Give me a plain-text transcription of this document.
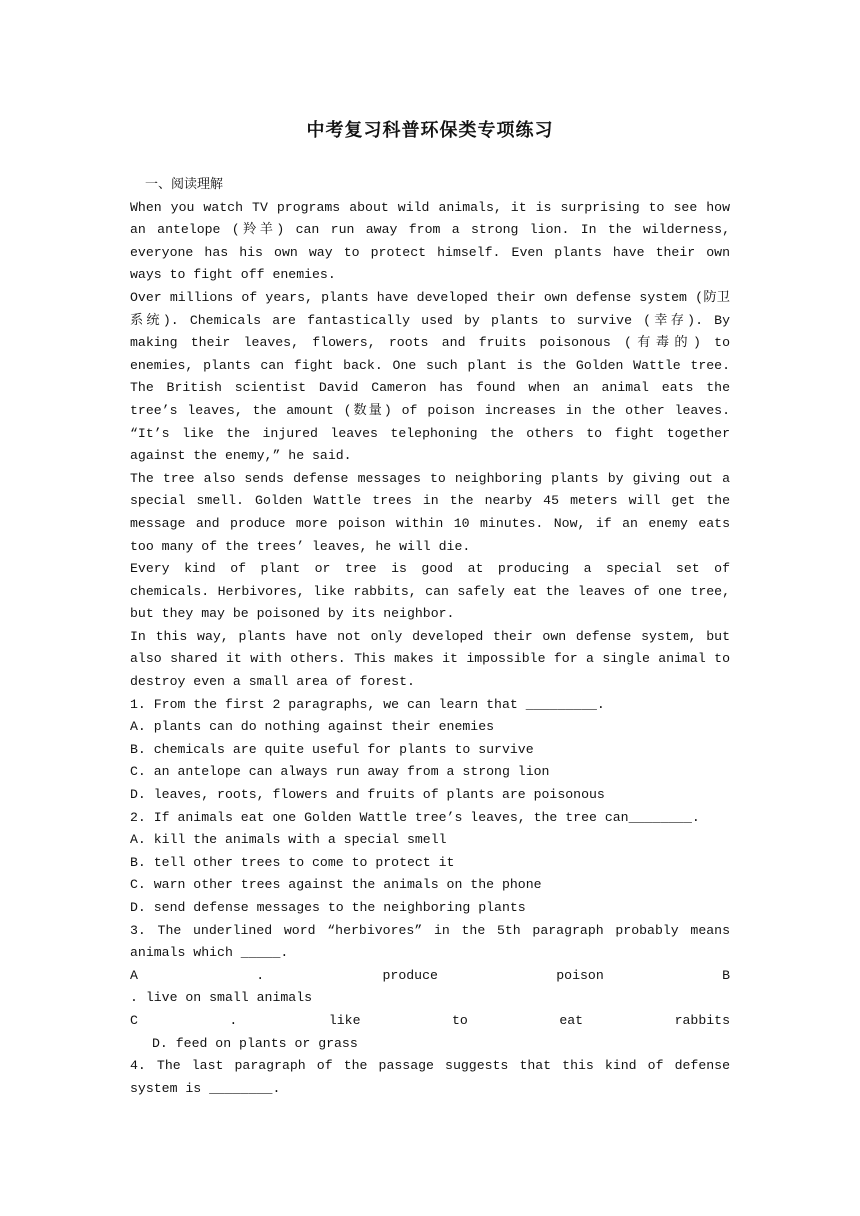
中考复习科普环保类专项练习
一、阅读理解
When you watch TV programs about wild animals, it is surprising to see how an antelope (羚羊) can run away from a strong lion. In the wilderness, everyone has his own way to protect himself. Even plants have their own ways to fight off enemies.
Over millions of years, plants have developed their own defense system (防卫系统). Chemicals are fantastically used by plants to survive (幸存). By making their leaves, flowers, roots and fruits poisonous (有毒的) to enemies, plants can fight back. One such plant is the Golden Wattle tree. The British scientist David Cameron has found when an animal eats the tree’s leaves, the amount (数量) of poison increases in the other leaves. “It’s like the injured leaves telephoning the others to fight together against the enemy,” he said.
The tree also sends defense messages to neighboring plants by giving out a special smell. Golden Wattle trees in the nearby 45 meters will get the message and produce more poison within 10 minutes. Now, if an enemy eats too many of the trees’ leaves, he will die.
Every kind of plant or tree is good at producing a special set of chemicals. Herbivores, like rabbits, can safely eat the leaves of one tree, but they may be poisoned by its neighbor.
In this way, plants have not only developed their own defense system, but also shared it with others. This makes it impossible for a single animal to destroy even a small area of forest.
1. From the first 2 paragraphs, we can learn that _________.
A. plants can do nothing against their enemies
B. chemicals are quite useful for plants to survive
C. an antelope can always run away from a strong lion
D. leaves, roots, flowers and fruits of plants are poisonous
2. If animals eat one Golden Wattle tree’s leaves, the tree can________.
A. kill the animals with a special smell
B. tell other trees to come to protect it
C. warn other trees against the animals on the phone
D. send defense messages to the neighboring plants
3. The underlined word “herbivores” in the 5th paragraph probably means animals which _____.
A . produce poison B
. live on small animals
C . like to eat rabbits
D. feed on plants or grass
4. The last paragraph of the passage suggests that this kind of defense system is ________.
